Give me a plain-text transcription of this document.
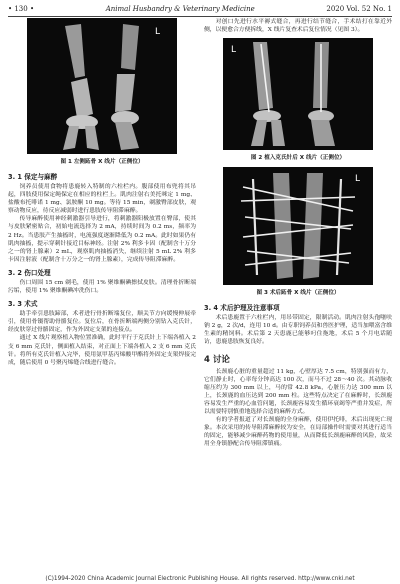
• 130 •	Animal Husbandry & Veterinary Medicine	2020 Vol. 52 No. 1
L
图 1 左侧跖骨 X 线片（正侧位）
3. 1 保定与麻醉

饲养员使用食物将患鹿转入特制的六柱栏内。腹部使用布兜将其吊起，四肢使用保定绳保定在相应的柱栏上。肌肉注射右美托咪定 1 mg、盐酸布托啡诺 1 mg、氯胺酮 10 mg。等待 15 min，剃激臀部皮肤，观察动物反应，待反应减弱时进行患肢传导阻滞麻醉。

传导麻醉使用神经刺激器引导进行，将刺激器阳极放置在臀部，使其与皮肤紧密贴合，初始电流选择为 2 mA，持续时间为 0.2 ms，频率为 2 Hz。当患肢产生抽搐时，电流强度逐渐降低为 0.2 mA。此时如果仍有肌肉抽搐，提示穿刺针接近目标神经。注射 2% 利多卡因（配制含十万分之一的肾上腺素）2 mL，观察肌肉抽搐消失，继续注射 5 mL 2% 利多卡因注射液（配制含十万分之一的肾上腺素），完成传导阻滞麻醉。

3. 2 伤口处理

伤口周围 15 cm 剃毛，使用 1% 聚维酮碘擦拭皮肤。清理骨折断端污垢，使用 1% 聚维酮碘冲洗伤口。

3. 3 术式

助手牵引患肢蹄部，术者进行骨折断端复位，顺关节方向缓慢伸展牵引，使用骨镊帮助骨骼复位。复位后，在骨折断端两侧分别钻入克氏针，经皮肤穿过骨骼固定，作为外固定支架的连接点。

通过 X 线片观察植入物位置准确，此时平行于克氏针上下端各植入 2 支 6 mm 克氏针，侧面植入结束，对正面上下端各植入 2 支 6 mm 克氏针。将所有克氏针植入完毕，使用氨甲基丙烯酸甲酯将外固定支架焊接完成，随后使用 0 号聚丙烯缝合线进行缝合。

对创口先进行水平褥式缝合，再进行结节缝合，手术结打在靠近外侧，以便愈合方便拆线，X 线片复查术后复位情况（见图 3）。

L
图 2 植入克氏针后 X 线片（正侧位）
L
图 3 术后跖骨 X 线片（正侧位）
3. 4 术后护理及注意事项

术后患鹿置于六柱栏内，用吊带固定，限制活动。肌肉注射头孢噻呋钠 2 g，2 次/d，连用 10 d。由专职饲养员和兽医护理，适当加喂富含维生素的精饲料。术后第 2 天患鹿已能够叼住拖地，术后 5 个月电话随访，患鹿患肢恢复良好。

4 讨论

长颈鹿心脏的重量超过 11 kg，心壁厚达 7.5 cm，特别强而有力，它们静止时，心率每分钟高达 100 次，而马不过 28～40 次。其动脉收缩压约为 300 mm 以上，马的常 42.8 kPa，心脏压力达 300 mm 以上，长颈鹿的血压达到 200 mm 柱。这些特点决定了在麻醉时，长颈鹿容易发生严重的心血管问题，长颈鹿容易发生循环衰竭等严重并发症，所以需要特别慎重地选择合适的麻醉方式。

有的学者报道了对长颈鹿的全身麻醉，使用伊托啡，术后出现死亡现象。本次采用的传导阻滞麻醉较为安全，在局部操作时需要对其进行适当的固定，能够减少麻醉药物的使用量，从而降低长颈鹿麻醉的风险，故采用全身镇静配合传导阻滞镇痛。

(C)1994-2020 China Academic Journal Electronic Publishing House. All rights reserved. http://www.cnki.net
